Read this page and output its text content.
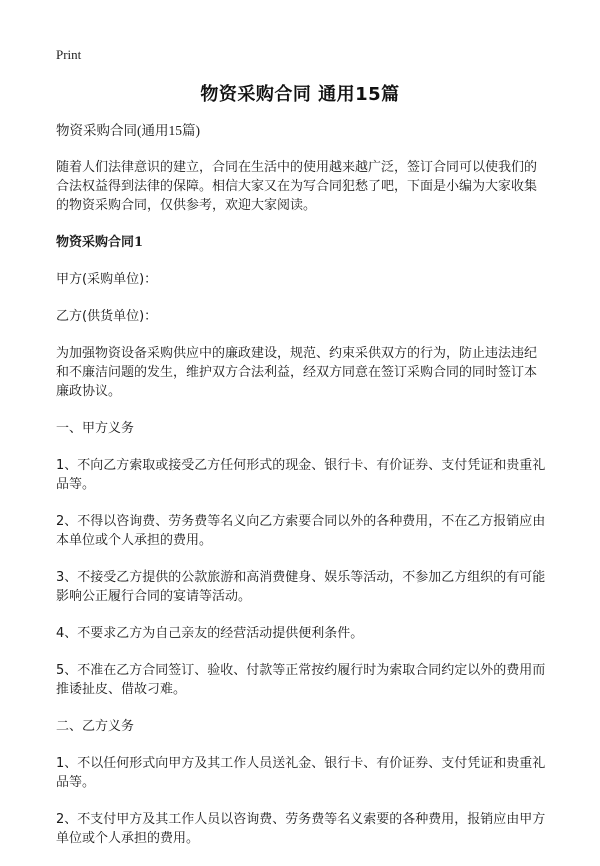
Print
物资采购合同 通用15篇

物资采购合同(通用15篇)

随着人们法律意识的建立，合同在生活中的使用越来越广泛，签订合同可以使我们的合法权益得到法律的保障。相信大家又在为写合同犯愁了吧，下面是小编为大家收集的物资采购合同，仅供参考，欢迎大家阅读。

物资采购合同1

甲方(采购单位)：

乙方(供货单位)：

为加强物资设备采购供应中的廉政建设，规范、约束采供双方的行为，防止违法违纪和不廉洁问题的发生，维护双方合法利益，经双方同意在签订采购合同的同时签订本廉政协议。

一、甲方义务

1、不向乙方索取或接受乙方任何形式的现金、银行卡、有价证券、支付凭证和贵重礼品等。

2、不得以咨询费、劳务费等名义向乙方索要合同以外的各种费用，不在乙方报销应由本单位或个人承担的费用。

3、不接受乙方提供的公款旅游和高消费健身、娱乐等活动，不参加乙方组织的有可能影响公正履行合同的宴请等活动。

4、不要求乙方为自己亲友的经营活动提供便利条件。

5、不准在乙方合同签订、验收、付款等正常按约履行时为索取合同约定以外的费用而推诿扯皮、借故刁难。

二、乙方义务

1、不以任何形式向甲方及其工作人员送礼金、银行卡、有价证券、支付凭证和贵重礼品等。

2、不支付甲方及其工作人员以咨询费、劳务费等名义索要的各种费用，报销应由甲方单位或个人承担的费用。
